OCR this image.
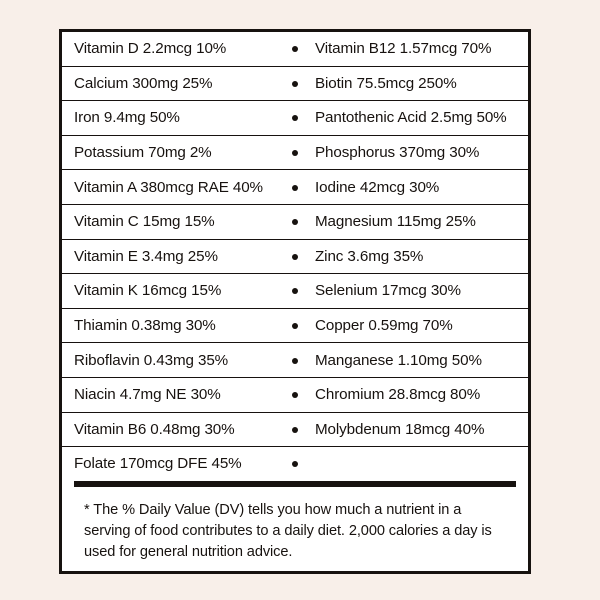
	Vitamin D 2.2mcg 10%		Vitamin B12 1.57mcg 70%	
	Calcium 300mg 25%		Biotin 75.5mcg 250%	
	Iron 9.4mg 50%		Pantothenic Acid 2.5mg 50%	
	Potassium 70mg 2%		Phosphorus 370mg 30%	
	Vitamin A 380mcg RAE 40%		Iodine 42mcg 30%	
	Vitamin C 15mg 15%		Magnesium 115mg 25%	
	Vitamin E 3.4mg 25%		Zinc 3.6mg 35%	
	Vitamin K 16mcg 15%		Selenium 17mcg 30%	
	Thiamin 0.38mg 30%		Copper 0.59mg 70%	
	Riboflavin 0.43mg 35%		Manganese 1.10mg 50%	
	Niacin 4.7mg NE 30%		Chromium 28.8mcg 80%	
	Vitamin B6 0.48mg 30%		Molybdenum 18mcg 40%	
	Folate 170mcg DFE 45%			
* The % Daily Value (DV) tells you how much a nutrient in a serving of food contributes to a daily diet. 2,000 calories a day is used for general nutrition advice.
